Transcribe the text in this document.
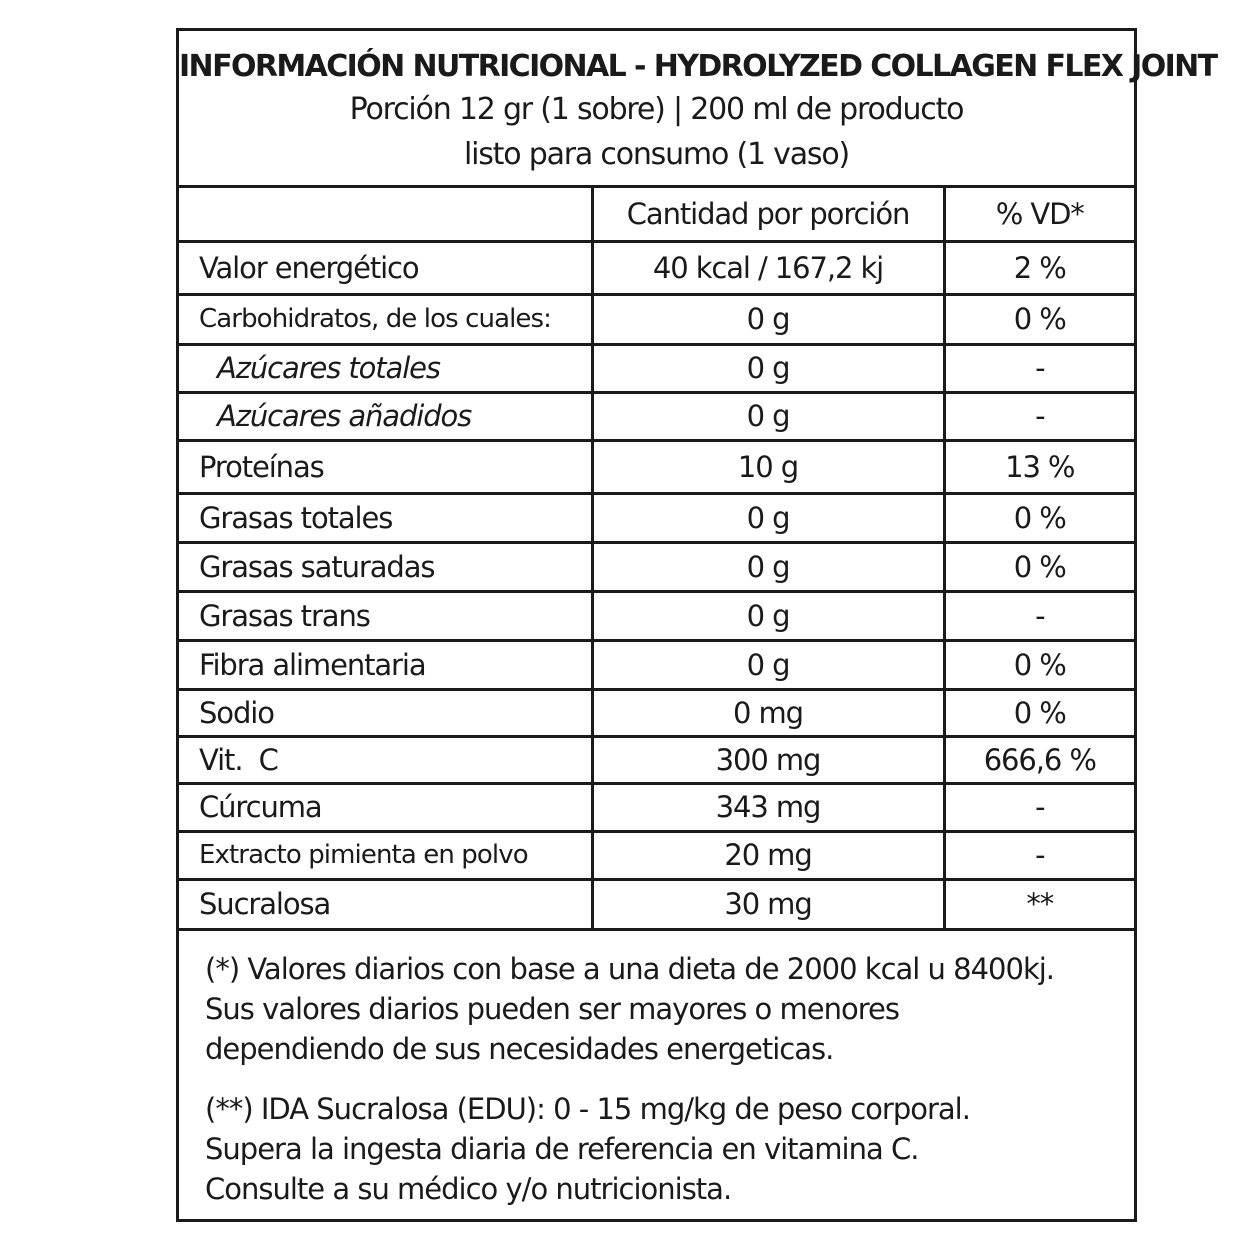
INFORMACIÓN NUTRICIONAL - HYDROLYZED COLLAGEN FLEX JOINT
Porción 12 gr (1 sobre) | 200 ml de producto
listo para consumo (1 vaso)
	Cantidad por porción	% VD*
Valor energético	40 kcal / 167,2 kj	2 %
Carbohidratos, de los cuales:	0 g	0 %
Azúcares totales	0 g	-
Azúcares añadidos	0 g	-
Proteínas	10 g	13 %
Grasas totales	0 g	0 %
Grasas saturadas	0 g	0 %
Grasas trans	0 g	-
Fibra alimentaria	0 g	0 %
Sodio	0 mg	0 %
Vit.  C	300 mg	666,6 %
Cúrcuma	343 mg	-
Extracto pimienta en polvo	20 mg	-
Sucralosa	30 mg	**
(*) Valores diarios con base a una dieta de 2000 kcal u 8400kj.
Sus valores diarios pueden ser mayores o menores
dependiendo de sus necesidades energeticas.
(**) IDA Sucralosa (EDU): 0 - 15 mg/kg de peso corporal.
Supera la ingesta diaria de referencia en vitamina C.
Consulte a su médico y/o nutricionista.
